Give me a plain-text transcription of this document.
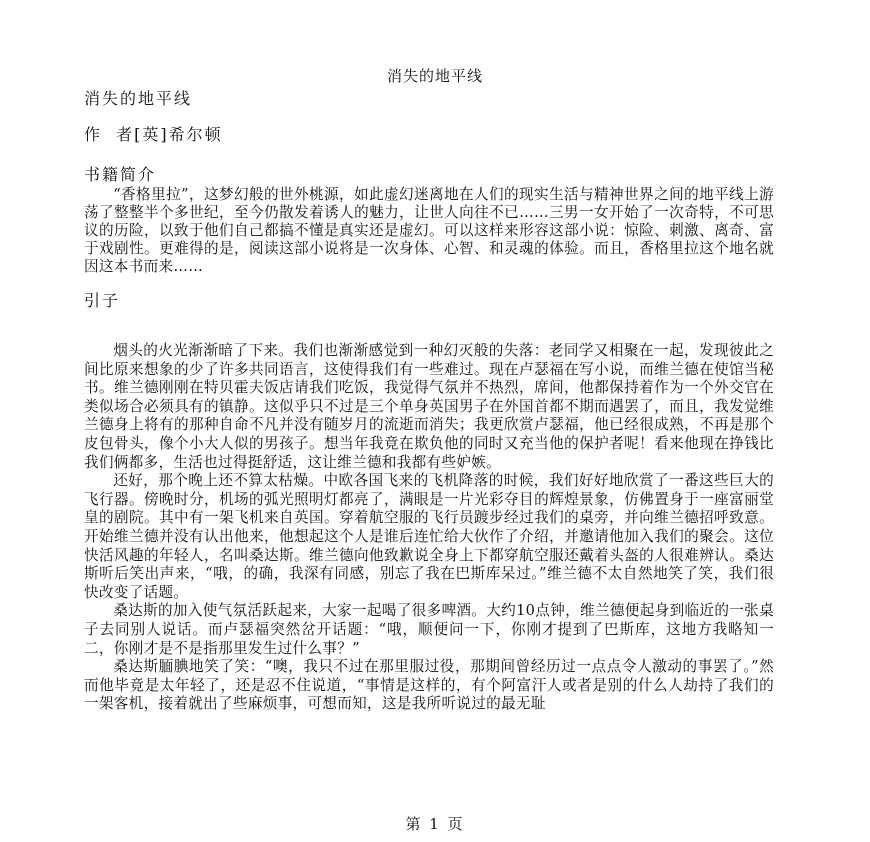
消失的地平线
消失的地平线
作  者[英]希尔顿
书籍简介

“香格里拉”，这梦幻般的世外桃源，如此虚幻迷离地在人们的现实生活与精神世界之间的地平线上游荡了整整半个多世纪，至今仍散发着诱人的魅力，让世人向往不已……三男一女开始了一次奇特，不可思议的历险，以致于他们自己都搞不懂是真实还是虚幻。可以这样来形容这部小说：惊险、刺激、离奇、富于戏剧性。更难得的是，阅读这部小说将是一次身体、心智、和灵魂的体验。而且，香格里拉这个地名就因这本书而来……

引子

烟头的火光渐渐暗了下来。我们也渐渐感觉到一种幻灭般的失落：老同学又相聚在一起，发现彼此之间比原来想象的少了许多共同语言，这使得我们有一些难过。现在卢瑟福在写小说，而维兰德在使馆当秘书。维兰德刚刚在特贝霍夫饭店请我们吃饭，我觉得气氛并不热烈，席间，他都保持着作为一个外交官在类似场合必须具有的镇静。这似乎只不过是三个单身英国男子在外国首都不期而遇罢了，而且，我发觉维兰德身上将有的那种自命不凡并没有随岁月的流逝而消失；我更欣赏卢瑟福，他已经很成熟，不再是那个皮包骨头，像个小大人似的男孩子。想当年我竟在欺负他的同时又充当他的保护者呢！看来他现在挣钱比我们俩都多，生活也过得挺舒适，这让维兰德和我都有些妒嫉。

还好，那个晚上还不算太枯燥。中欧各国飞来的飞机降落的时候，我们好好地欣赏了一番这些巨大的飞行器。傍晚时分，机场的弧光照明灯都亮了，满眼是一片光彩夺目的辉煌景象，仿佛置身于一座富丽堂皇的剧院。其中有一架飞机来自英国。穿着航空服的飞行员踱步经过我们的桌旁，并向维兰德招呼致意。开始维兰德并没有认出他来，他想起这个人是谁后连忙给大伙作了介绍，并邀请他加入我们的聚会。这位快活风趣的年轻人，名叫桑达斯。维兰德向他致歉说全身上下都穿航空服还戴着头盔的人很难辨认。桑达斯听后笑出声来，“哦，的确，我深有同感，别忘了我在巴斯库呆过。”维兰德不太自然地笑了笑，我们很快改变了话题。

桑达斯的加入使气氛活跃起来，大家一起喝了很多啤酒。大约10点钟，维兰德便起身到临近的一张桌子去同别人说话。而卢瑟福突然岔开话题：“哦，顺便问一下，你刚才提到了巴斯库，这地方我略知一二，你刚才是不是指那里发生过什么事？”

桑达斯腼腆地笑了笑：“噢，我只不过在那里服过役，那期间曾经历过一点点令人激动的事罢了。”然而他毕竟是太年轻了，还是忍不住说道，“事情是这样的，有个阿富汗人或者是别的什么人劫持了我们的一架客机，接着就出了些麻烦事，可想而知，这是我所听说过的最无耻

第 1 页
